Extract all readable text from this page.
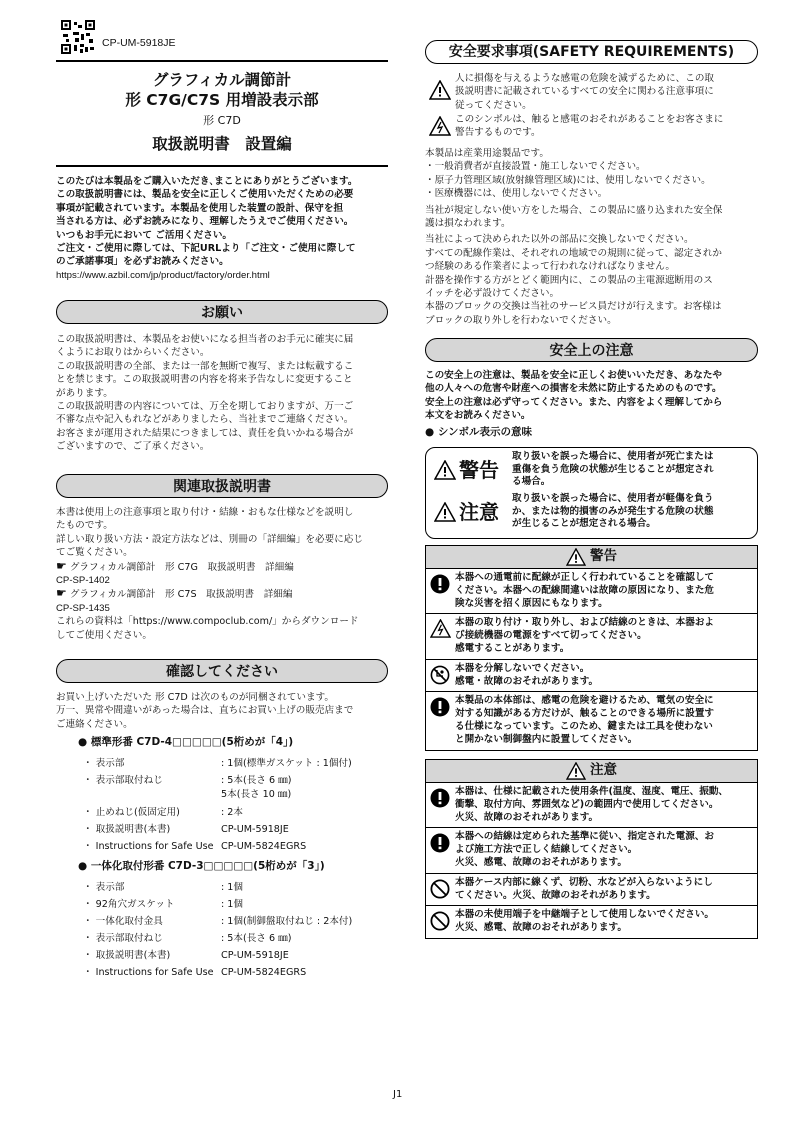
CP-UM-5918JE
グラフィカル調節計
形 C7G/C7S 用増設表示部
形 C7D
取扱説明書　設置編

このたびは本製品をご購入いただき､まことにありがとうございます。

この取扱説明書には、製品を安全に正しくご使用いただくための必要

事項が記載されています。本製品を使用した装置の設計、保守を担

当される方は、必ずお読みになり、理解したうえでご使用ください。

いつもお手元において ご活用ください。

ご注文・ご使用に際しては、下記URLより「ご注文・ご使用に際して

のご承諾事項」を必ずお読みください。

https://www.azbil.com/jp/product/factory/order.html

お願い

この取扱説明書は、本製品をお使いになる担当者のお手元に確実に届

くようにお取りはからいください。

この取扱説明書の全部、または一部を無断で複写、または転載するこ

とを禁じます。この取扱説明書の内容を将来予告なしに変更すること

があります。

この取扱説明書の内容については、万全を期しておりますが、万一ご

不審な点や記入もれなどがありましたら、当社までご連絡ください。

お客さまが運用された結果につきましては、責任を負いかねる場合が

ございますので、ご了承ください。

関連取扱説明書

本書は使用上の注意事項と取り付け・結線・おもな仕様などを説明し

たものです。

詳しい取り扱い方法・設定方法などは、別冊の「詳細編」を必要に応じ

てご覧ください。

☛ グラフィカル調節計　形 C7G　取扱説明書　詳細編

CP-SP-1402

☛ グラフィカル調節計　形 C7S　取扱説明書　詳細編

CP-SP-1435

これらの資料は「https://www.compoclub.com/」からダウンロード

してご使用ください。

確認してください

お買い上げいただいた 形 C7D は次のものが同梱されています。

万一、異常や間違いがあった場合は、直ちにお買い上げの販売店まで

ご連絡ください。

● 標準形番 C7D-4□□□□□(5桁めが「4」)
・ 表示部	: 1個(標準ガスケット : 1個付)
・ 表示部取付ねじ	: 5本(長さ 6 ㎜)
5本(長さ 10 ㎜)
・ 止めねじ(仮固定用)	: 2本
・ 取扱説明書(本書)	CP-UM-5918JE
・ Instructions for Safe Use CP-UM-5824EGRS
● 一体化取付形番 C7D-3□□□□□(5桁めが「3」)
・ 表示部	: 1個
・ 92角穴ガスケット	: 1個
・ 一体化取付金具	: 1個(制御盤取付ねじ : 2本付)
・ 表示部取付ねじ	: 5本(長さ 6 ㎜)
・ 取扱説明書(本書)	CP-UM-5918JE
・ Instructions for Safe Use CP-UM-5824EGRS
安全要求事項(SAFETY REQUIREMENTS)

人に損傷を与えるような感電の危険を減ずるために、この取

扱説明書に記載されているすべての安全に関わる注意事項に

従ってください。

このシンボルは、触ると感電のおそれがあることをお客さまに

警告するものです。

本製品は産業用途製品です。

・一般消費者が直接設置・施工しないでください。

・原子力管理区域(放射線管理区域)には、使用しないでください。

・医療機器には、使用しないでください。

当社が規定しない使い方をした場合、この製品に盛り込まれた安全保

護は損なわれます。

当社によって決められた以外の部品に交換しないでください。

すべての配線作業は、それぞれの地域での規則に従って、認定されか

つ経験のある作業者によって行われなければなりません。

計器を操作する方がとどく範囲内に、この製品の主電源遮断用のス

イッチを必ず設けてください。

本器のブロックの交換は当社のサービス員だけが行えます。お客様は

ブロックの取り外しを行わないでください。

安全上の注意

この安全上の注意は、製品を安全に正しくお使いいただき、あなたや

他の人々への危害や財産への損害を未然に防止するためのものです。

安全上の注意は必ず守ってください。また、内容をよく理解してから

本文をお読みください。

● シンボル表示の意味

警告
取り扱いを誤った場合に、使用者が死亡または
重傷を負う危険の状態が生じることが想定され
る場合。
注意
取り扱いを誤った場合に、使用者が軽傷を負う
か、または物的損害のみが発生する危険の状態
が生じることが想定される場合。
警告
本器への通電前に配線が正しく行われていることを確認して
ください。本器への配線間違いは故障の原因になり、また危
険な災害を招く原因にもなります。
本器の取り付け・取り外し、および結線のときは、本器およ
び接続機器の電源をすべて切ってください。
感電することがあります。
本器を分解しないでください。
感電・故障のおそれがあります。
本製品の本体部は、感電の危険を避けるため、電気の安全に
対する知識がある方だけが、触ることのできる場所に設置す
る仕様になっています。このため、鍵または工具を使わない
と開かない制御盤内に設置してください。
注意
本器は、仕様に記載された使用条件(温度、湿度、電圧、振動、
衝撃、取付方向、雰囲気など)の範囲内で使用してください。
火災、故障のおそれがあります。
本器への結線は定められた基準に従い、指定された電源、お
よび施工方法で正しく結線してください。
火災、感電、故障のおそれがあります。
本器ケース内部に線くず、切粉、水などが入らないようにし
てください。火災、故障のおそれがあります。
本器の未使用端子を中継端子として使用しないでください。
火災、感電、故障のおそれがあります。
J1
